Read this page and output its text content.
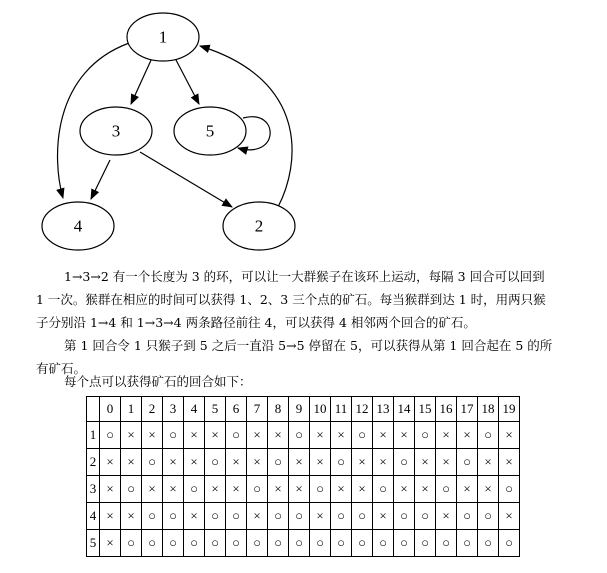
1
3	5
4	2
1→3→2 有一个长度为 3 的环，可以让一大群猴子在该环上运动，每隔 3 回合可以回到
1 一次。猴群在相应的时间可以获得 1、2、3 三个点的矿石。每当猴群到达 1 时，用两只猴
子分别沿 1→4 和 1→3→4 两条路径前往 4，可以获得 4 相邻两个回合的矿石。
第 1 回合令 1 只猴子到 5 之后一直沿 5→5 停留在 5，可以获得从第 1 回合起在 5 的所
有矿石。
每个点可以获得矿石的回合如下：
	0	1	2	3	4	5	6	7	8	9	10	11	12	13	14	15	16	17	18	19
1	○	×	×	○	×	×	○	×	×	○	×	×	○	×	×	○	×	×	○	×
2	×	×	○	×	×	○	×	×	○	×	×	○	×	×	○	×	×	○	×	×
3	×	○	×	×	○	×	×	○	×	×	○	×	×	○	×	×	○	×	×	○
4	×	×	○	○	×	○	○	×	○	○	×	○	○	×	○	○	×	○	○	×
5	×	○	○	○	○	○	○	○	○	○	○	○	○	○	○	○	○	○	○	○
